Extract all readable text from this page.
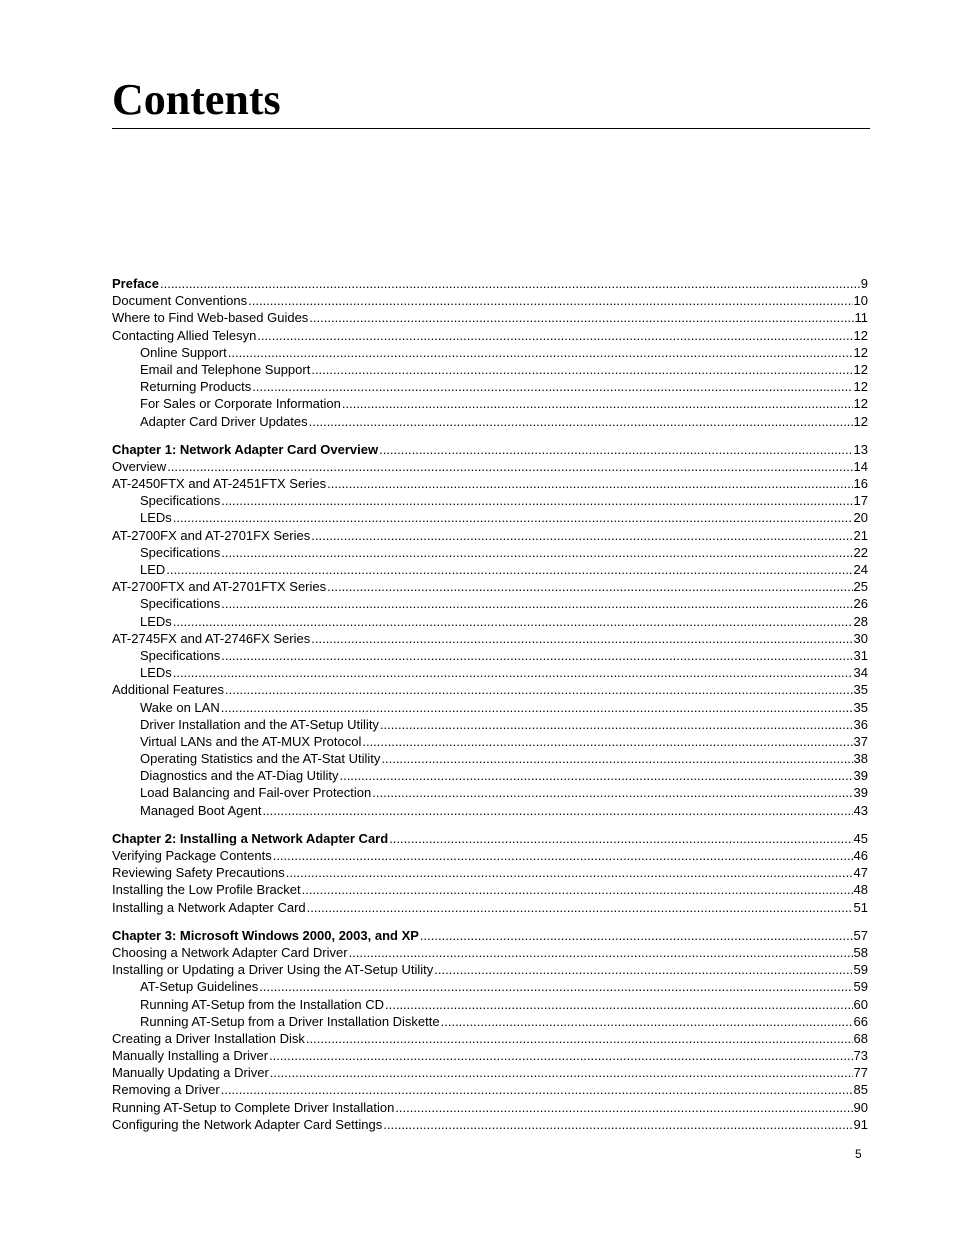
Contents
Preface .....	9
Document Conventions .....	10
Where to Find Web-based Guides .....	11
Contacting Allied Telesyn .....	12
Online Support .....	12
Email and Telephone Support .....	12
Returning Products .....	12
For Sales or Corporate Information .....	12
Adapter Card Driver Updates .....	12
Chapter 1: Network Adapter Card Overview .....	13
Overview .....	14
AT-2450FTX and AT-2451FTX Series .....	16
Specifications .....	17
LEDs .....	20
AT-2700FX and AT-2701FX Series .....	21
Specifications .....	22
LED .....	24
AT-2700FTX and AT-2701FTX Series .....	25
Specifications .....	26
LEDs .....	28
AT-2745FX and AT-2746FX Series .....	30
Specifications .....	31
LEDs .....	34
Additional Features .....	35
Wake on LAN .....	35
Driver Installation and the AT-Setup Utility .....	36
Virtual LANs and the AT-MUX Protocol .....	37
Operating Statistics and the AT-Stat Utility .....	38
Diagnostics and the AT-Diag Utility .....	39
Load Balancing and Fail-over Protection .....	39
Managed Boot Agent .....	43
Chapter 2: Installing a Network Adapter Card .....	45
Verifying Package Contents .....	46
Reviewing Safety Precautions .....	47
Installing the Low Profile Bracket .....	48
Installing a Network Adapter Card .....	51
Chapter 3: Microsoft Windows 2000, 2003, and XP .....	57
Choosing a Network Adapter Card Driver .....	58
Installing or Updating a Driver Using the AT-Setup Utility .....	59
AT-Setup Guidelines .....	59
Running AT-Setup from the Installation CD .....	60
Running AT-Setup from a Driver Installation Diskette .....	66
Creating a Driver Installation Disk .....	68
Manually Installing a Driver .....	73
Manually Updating a Driver .....	77
Removing a Driver .....	85
Running AT-Setup to Complete Driver Installation .....	90
Configuring the Network Adapter Card Settings .....	91
5
